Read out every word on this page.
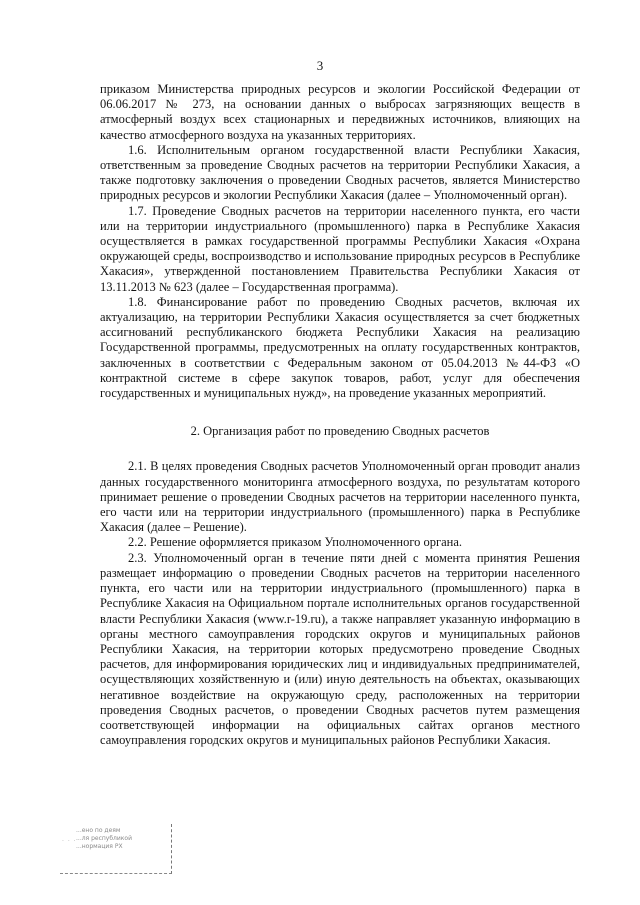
3

приказом Министерства природных ресурсов и экологии Российской Федерации от 06.06.2017 № 273, на основании данных о выбросах загрязняющих веществ в атмосферный воздух всех стационарных и передвижных источников, влияющих на качество атмосферного воздуха на указанных территориях.

1.6. Исполнительным органом государственной власти Республики Хакасия, ответственным за проведение Сводных расчетов на территории Республики Хакасия, а также подготовку заключения о проведении Сводных расчетов, является Министерство природных ресурсов и экологии Республики Хакасия (далее – Уполномоченный орган).

1.7. Проведение Сводных расчетов на территории населенного пункта, его части или на территории индустриального (промышленного) парка в Республике Хакасия осуществляется в рамках государственной программы Республики Хакасия «Охрана окружающей среды, воспроизводство и использование природных ресурсов в Республике Хакасия», утвержденной постановлением Правительства Республики Хакасия от 13.11.2013 № 623 (далее – Государственная программа).

1.8. Финансирование работ по проведению Сводных расчетов, включая их актуализацию, на территории Республики Хакасия осуществляется за счет бюджетных ассигнований республиканского бюджета Республики Хакасия на реализацию Государственной программы, предусмотренных на оплату государственных контрактов, заключенных в соответствии с Федеральным законом от 05.04.2013 №44-ФЗ «О контрактной системе в сфере закупок товаров, работ, услуг для обеспечения государственных и муниципальных нужд», на проведение указанных мероприятий.

2. Организация работ по проведению Сводных расчетов

2.1. В целях проведения Сводных расчетов Уполномоченный орган проводит анализ данных государственного мониторинга атмосферного воздуха, по результатам которого принимает решение о проведении Сводных расчетов на территории населенного пункта, его части или на территории индустриального (промышленного) парка в Республике Хакасия (далее – Решение).

2.2. Решение оформляется приказом Уполномоченного органа.

2.3. Уполномоченный орган в течение пяти дней с момента принятия Решения размещает информацию о проведении Сводных расчетов на территории населенного пункта, его части или на территории индустриального (промышленного) парка в Республике Хакасия на Официальном портале исполнительных органов государственной власти Республики Хакасия (www.r-19.ru), а также направляет указанную информацию в органы местного самоуправления городских округов и муниципальных районов Республики Хакасия, на территории которых предусмотрено проведение Сводных расчетов, для информирования юридических лиц и индивидуальных предпринимателей, осуществляющих хозяйственную и (или) иную деятельность на объектах, оказывающих негативное воздействие на окружающую среду, расположенных на территории проведения Сводных расчетов, о проведении Сводных расчетов путем размещения соответствующей информации на официальных сайтах органов местного самоуправления городских округов и муниципальных районов Республики Хакасия.

· · ·
...ено по деям
...ля республикой
...нормация РХ
